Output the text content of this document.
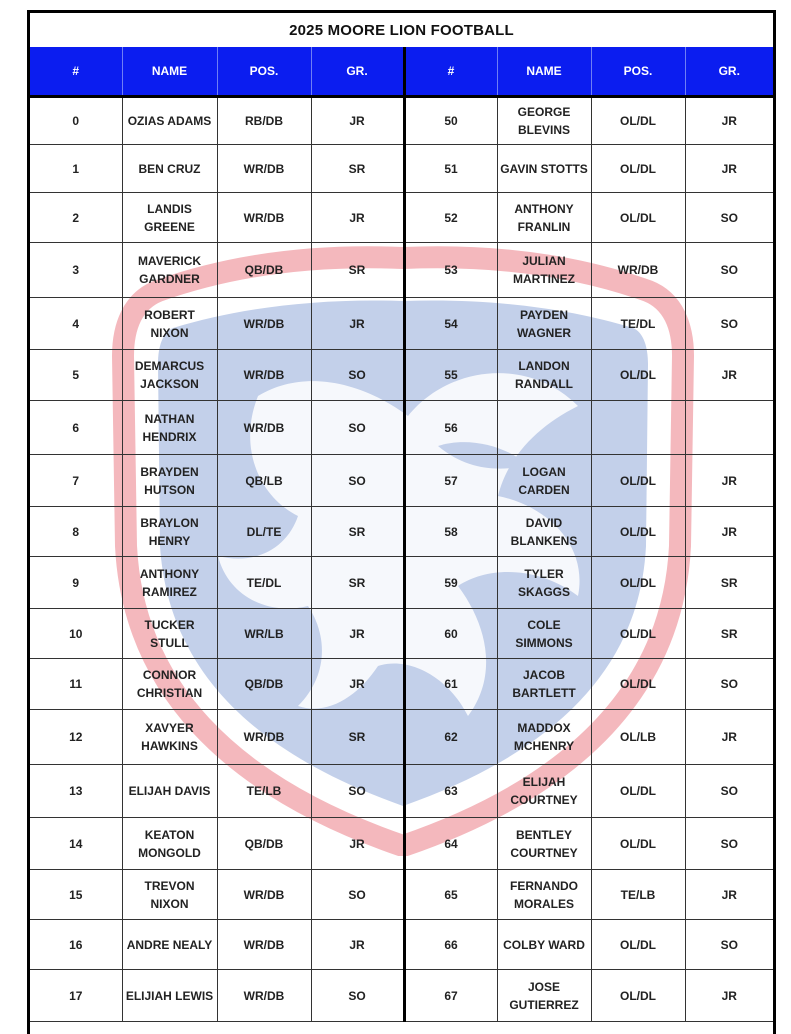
2025 MOORE LION FOOTBALL
#	NAME	POS.	GR.	#	NAME	POS.	GR.
0	OZIAS ADAMS	RB/DB	JR	50	GEORGE BLEVINS	OL/DL	JR
1	BEN CRUZ	WR/DB	SR	51	GAVIN STOTTS	OL/DL	JR
2	LANDIS GREENE	WR/DB	JR	52	ANTHONY FRANLIN	OL/DL	SO
3	MAVERICK GARDNER	QB/DB	SR	53	JULIAN MARTINEZ	WR/DB	SO
4	ROBERT NIXON	WR/DB	JR	54	PAYDEN WAGNER	TE/DL	SO
5	DEMARCUS JACKSON	WR/DB	SO	55	LANDON RANDALL	OL/DL	JR
6	NATHAN HENDRIX	WR/DB	SO	56			
7	BRAYDEN HUTSON	QB/LB	SO	57	LOGAN CARDEN	OL/DL	JR
8	BRAYLON HENRY	DL/TE	SR	58	DAVID BLANKENS	OL/DL	JR
9	ANTHONY RAMIREZ	TE/DL	SR	59	TYLER SKAGGS	OL/DL	SR
10	TUCKER STULL	WR/LB	JR	60	COLE SIMMONS	OL/DL	SR
11	CONNOR CHRISTIAN	QB/DB	JR	61	JACOB BARTLETT	OL/DL	SO
12	XAVYER HAWKINS	WR/DB	SR	62	MADDOX MCHENRY	OL/LB	JR
13	ELIJAH DAVIS	TE/LB	SO	63	ELIJAH COURTNEY	OL/DL	SO
14	KEATON MONGOLD	QB/DB	JR	64	BENTLEY COURTNEY	OL/DL	SO
15	TREVON NIXON	WR/DB	SO	65	FERNANDO MORALES	TE/LB	JR
16	ANDRE NEALY	WR/DB	JR	66	COLBY WARD	OL/DL	SO
17	ELIJIAH LEWIS	WR/DB	SO	67	JOSE GUTIERREZ	OL/DL	JR
